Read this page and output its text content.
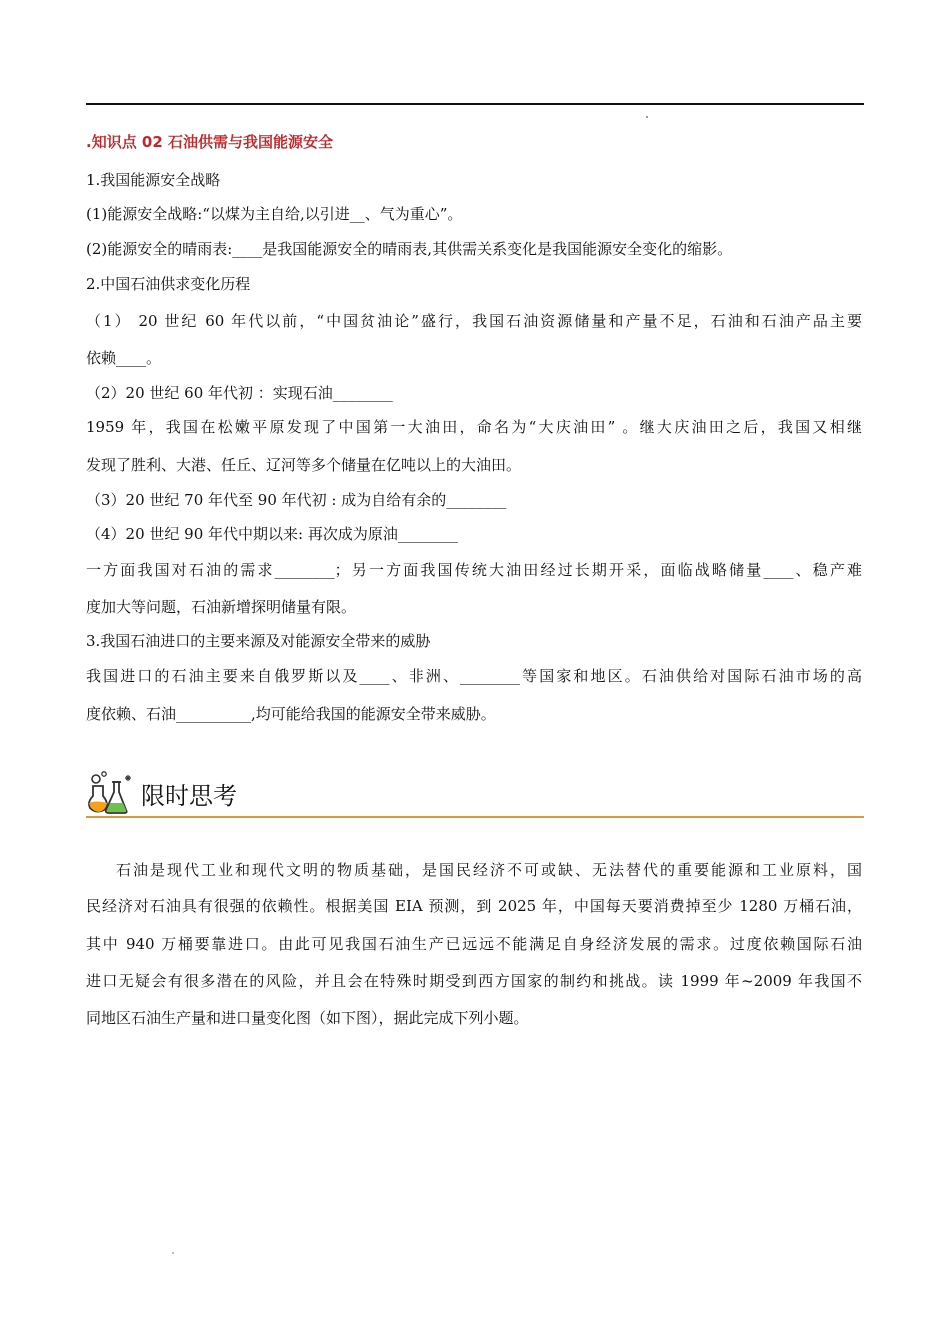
.知识点 02 石油供需与我国能源安全
1.我国能源安全战略
(1)能源安全战略:“以煤为主自给,以引进__、气为重心”。
(2)能源安全的晴雨表:____是我国能源安全的晴雨表,其供需关系变化是我国能源安全变化的缩影。
2.中国石油供求变化历程
（1） 20 世纪 60 年代以前，“中国贫油论”盛行，我国石油资源储量和产量不足，石油和石油产品主要
依赖____。
（2）20 世纪 60 年代初 ：实现石油________
1959 年，我国在松嫩平原发现了中国第一大油田，命名为“大庆油田” 。继大庆油田之后，我国又相继
发现了胜利、大港、任丘、辽河等多个储量在亿吨以上的大油田。
（3）20 世纪 70 年代至 90 年代初 : 成为自给有余的________
（4）20 世纪 90 年代中期以来: 再次成为原油________
一方面我国对石油的需求________；另一方面我国传统大油田经过长期开采，面临战略储量____、稳产难
度加大等问题，石油新增探明储量有限。
3.我国石油进口的主要来源及对能源安全带来的威胁
我国进口的石油主要来自俄罗斯以及____、非洲、________等国家和地区。石油供给对国际石油市场的高
度依赖、石油__________,均可能给我国的能源安全带来威胁。
限时思考
石油是现代工业和现代文明的物质基础，是国民经济不可或缺、无法替代的重要能源和工业原料，国
民经济对石油具有很强的依赖性。根据美国 EIA 预测，到 2025 年，中国每天要消费掉至少 1280 万桶石油，
其中 940 万桶要靠进口。由此可见我国石油生产已远远不能满足自身经济发展的需求。过度依赖国际石油
进口无疑会有很多潜在的风险，并且会在特殊时期受到西方国家的制约和挑战。读 1999 年~2009 年我国不
同地区石油生产量和进口量变化图（如下图），据此完成下列小题。
